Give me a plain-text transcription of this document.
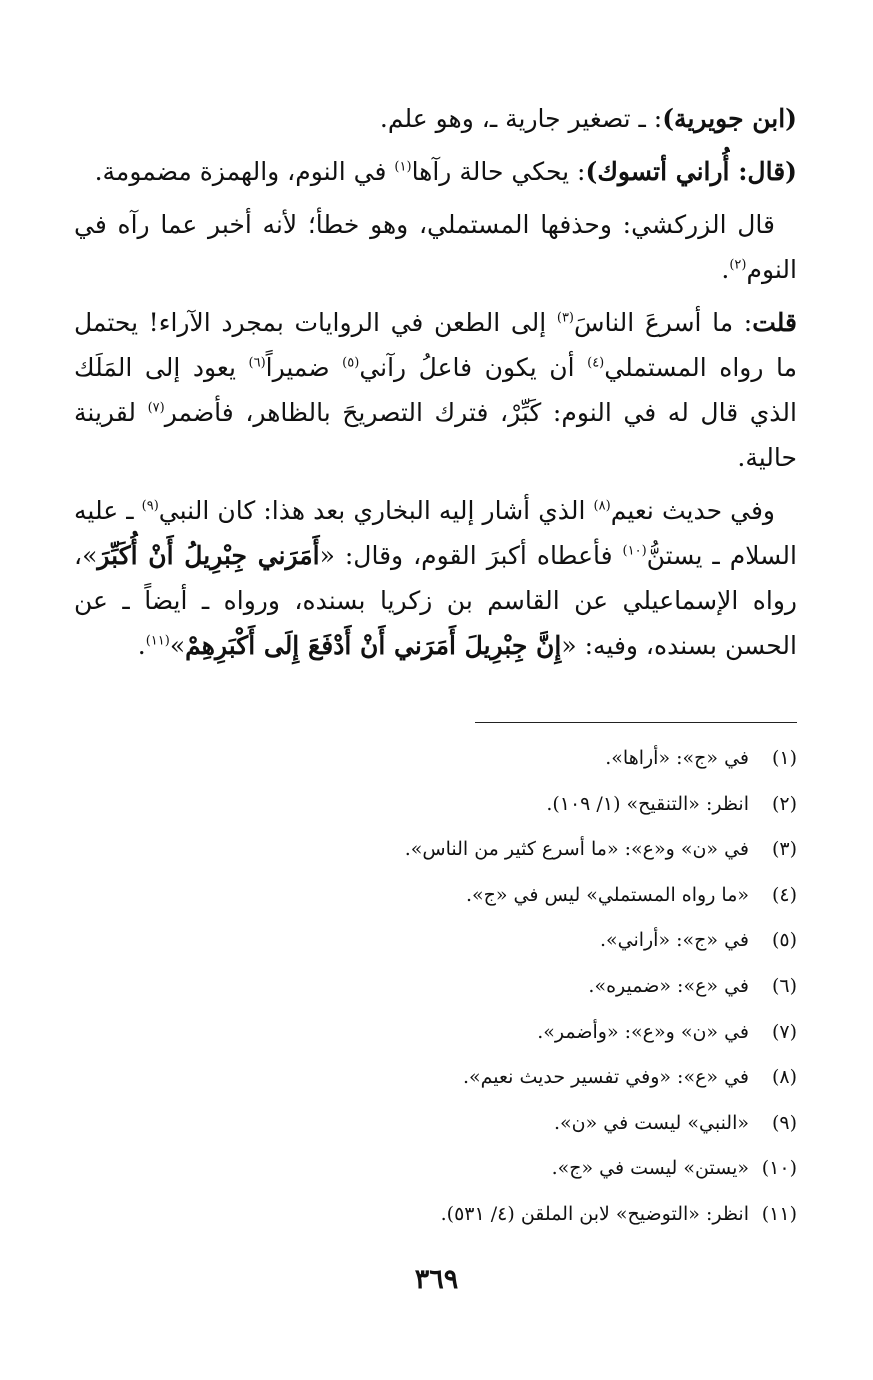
(ابن جويرية): ـ تصغير جارية ـ، وهو علم.

(قال: أُراني أتسوك): يحكي حالة رآها$^{(١)}$ في النوم، والهمزة مضمومة.

قال الزركشي: وحذفها المستملي، وهو خطأ؛ لأنه أخبر عما رآه في النوم$^{(٢)}$.

قلت: ما أسرعَ الناسَ$^{(٣)}$ إلى الطعن في الروايات بمجرد الآراء! يحتمل ما رواه المستملي$^{(٤)}$ أن يكون فاعلُ رآني$^{(٥)}$ ضميراً$^{(٦)}$ يعود إلى المَلَك الذي قال له في النوم: كَبِّرْ، فترك التصريحَ بالظاهر، فأضمر$^{(٧)}$ لقرينة حالية.

وفي حديث نعيم$^{(٨)}$ الذي أشار إليه البخاري بعد هذا: كان النبي$^{(٩)}$ ـ عليه السلام ـ يستنُّ$^{(١٠)}$ فأعطاه أكبرَ القوم، وقال: «أَمَرَني جِبْرِيلُ أَنْ أُكَبِّرَ»، رواه الإسماعيلي عن القاسم بن زكريا بسنده، ورواه ـ أيضاً ـ عن الحسن بسنده، وفيه: «إِنَّ جِبْرِيلَ أَمَرَني أَنْ أَدْفَعَ إِلَى أَكْبَرِهِمْ»$^{(١١)}$.

(١)
في «ج»: «أراها».
(٢)
انظر: «التنقيح» (١/ ١٠٩).
(٣)
في «ن» و«ع»: «ما أسرع كثير من الناس».
(٤)
«ما رواه المستملي» ليس في «ج».
(٥)
في «ج»: «أراني».
(٦)
في «ع»: «ضميره».
(٧)
في «ن» و«ع»: «وأضمر».
(٨)
في «ع»: «وفي تفسير حديث نعيم».
(٩)
«النبي» ليست في «ن».
(١٠)
«يستن» ليست في «ج».
(١١)
انظر: «التوضيح» لابن الملقن (٤/ ٥٣١).
٣٦٩
